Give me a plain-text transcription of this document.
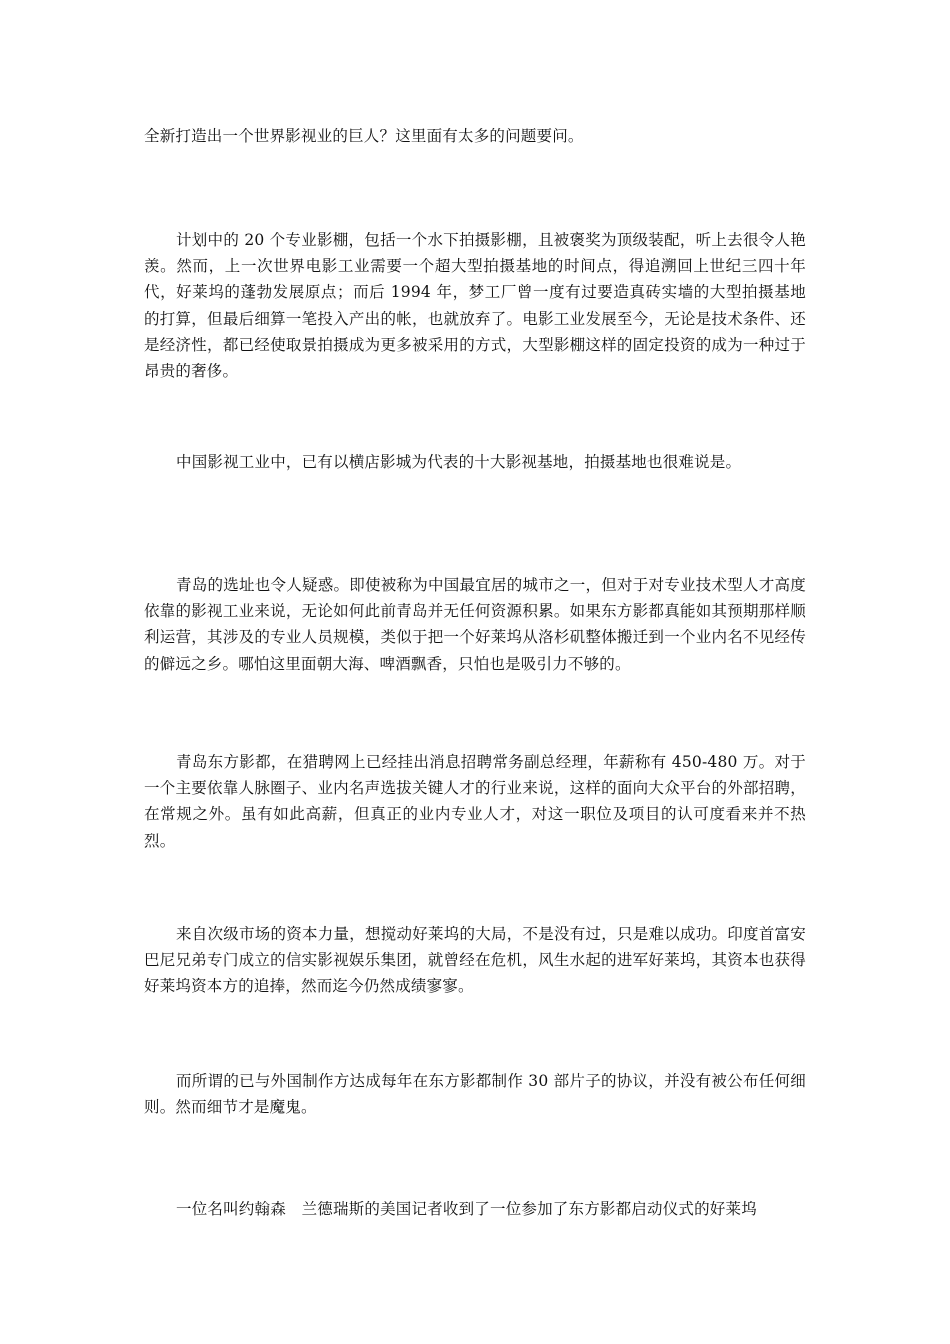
全新打造出一个世界影视业的巨人？这里面有太多的问题要问。

计划中的 20 个专业影棚，包括一个水下拍摄影棚，且被褒奖为顶级装配，听上去很令人艳羡。然而，上一次世界电影工业需要一个超大型拍摄基地的时间点，得追溯回上世纪三四十年代，好莱坞的蓬勃发展原点；而后 1994 年，梦工厂曾一度有过要造真砖实墙的大型拍摄基地的打算，但最后细算一笔投入产出的帐，也就放弃了。电影工业发展至今，无论是技术条件、还是经济性，都已经使取景拍摄成为更多被采用的方式，大型影棚这样的固定投资的成为一种过于昂贵的奢侈。

中国影视工业中，已有以横店影城为代表的十大影视基地，拍摄基地也很难说是。

青岛的选址也令人疑惑。即使被称为中国最宜居的城市之一，但对于对专业技术型人才高度依靠的影视工业来说，无论如何此前青岛并无任何资源积累。如果东方影都真能如其预期那样顺利运营，其涉及的专业人员规模，类似于把一个好莱坞从洛杉矶整体搬迁到一个业内名不见经传的僻远之乡。哪怕这里面朝大海、啤酒飘香，只怕也是吸引力不够的。

青岛东方影都，在猎聘网上已经挂出消息招聘常务副总经理，年薪称有 450-480 万。对于一个主要依靠人脉圈子、业内名声选拔关键人才的行业来说，这样的面向大众平台的外部招聘，在常规之外。虽有如此高薪，但真正的业内专业人才，对这一职位及项目的认可度看来并不热烈。

来自次级市场的资本力量，想搅动好莱坞的大局，不是没有过，只是难以成功。印度首富安巴尼兄弟专门成立的信实影视娱乐集团，就曾经在危机，风生水起的进军好莱坞，其资本也获得好莱坞资本方的追捧，然而迄今仍然成绩寥寥。

而所谓的已与外国制作方达成每年在东方影都制作 30 部片子的协议，并没有被公布任何细则。然而细节才是魔鬼。

一位名叫约翰森　兰德瑞斯的美国记者收到了一位参加了东方影都启动仪式的好莱坞
